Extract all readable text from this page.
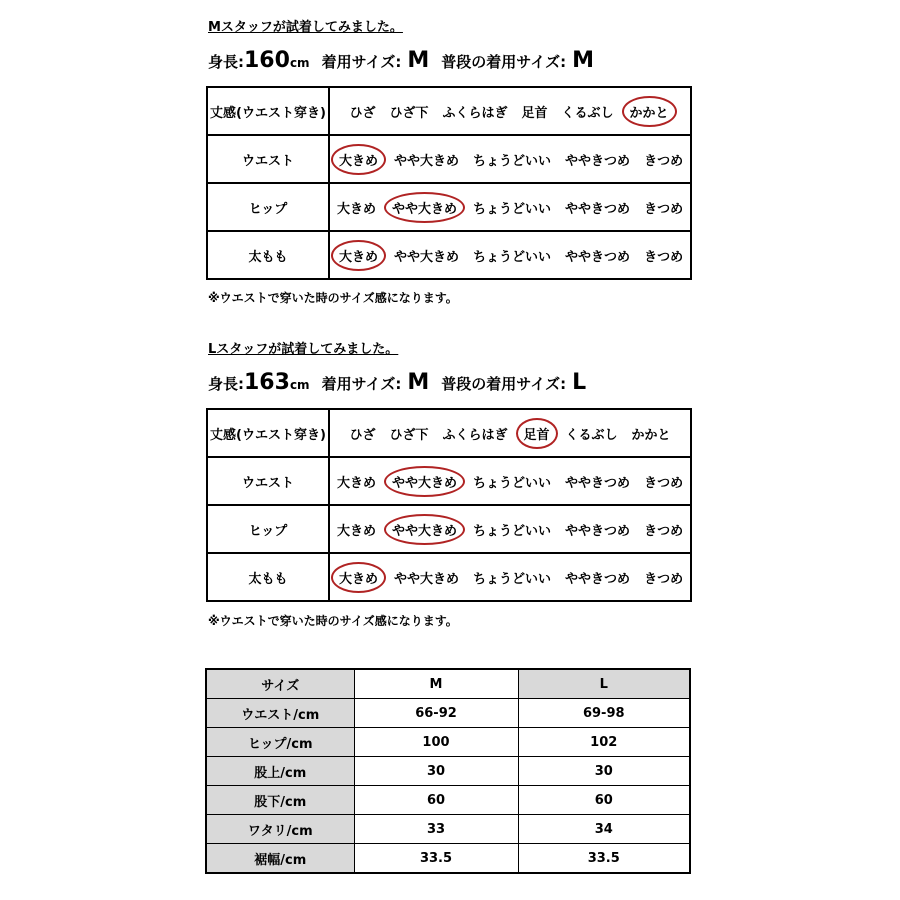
Mスタッフが試着してみました。
身長: 160 cm 着用サイズ: M 普段の着用サイズ: M
丈感(ウエスト穿き)	ひざ ひざ下 ふくらはぎ 足首 くるぶし かかと
ウエスト	大きめ やや大きめ ちょうどいい ややきつめ きつめ
ヒップ	大きめ やや大きめ ちょうどいい ややきつめ きつめ
太もも	大きめ やや大きめ ちょうどいい ややきつめ きつめ
※ウエストで穿いた時のサイズ感になります。
Lスタッフが試着してみました。
身長: 163 cm 着用サイズ: M 普段の着用サイズ: L
丈感(ウエスト穿き)	ひざ ひざ下 ふくらはぎ 足首 くるぶし かかと
ウエスト	大きめ やや大きめ ちょうどいい ややきつめ きつめ
ヒップ	大きめ やや大きめ ちょうどいい ややきつめ きつめ
太もも	大きめ やや大きめ ちょうどいい ややきつめ きつめ
※ウエストで穿いた時のサイズ感になります。
サイズ	M	L
ウエスト/cm	66-92	69-98
ヒップ/cm	100	102
股上/cm	30	30
股下/cm	60	60
ワタリ/cm	33	34
裾幅/cm	33.5	33.5
